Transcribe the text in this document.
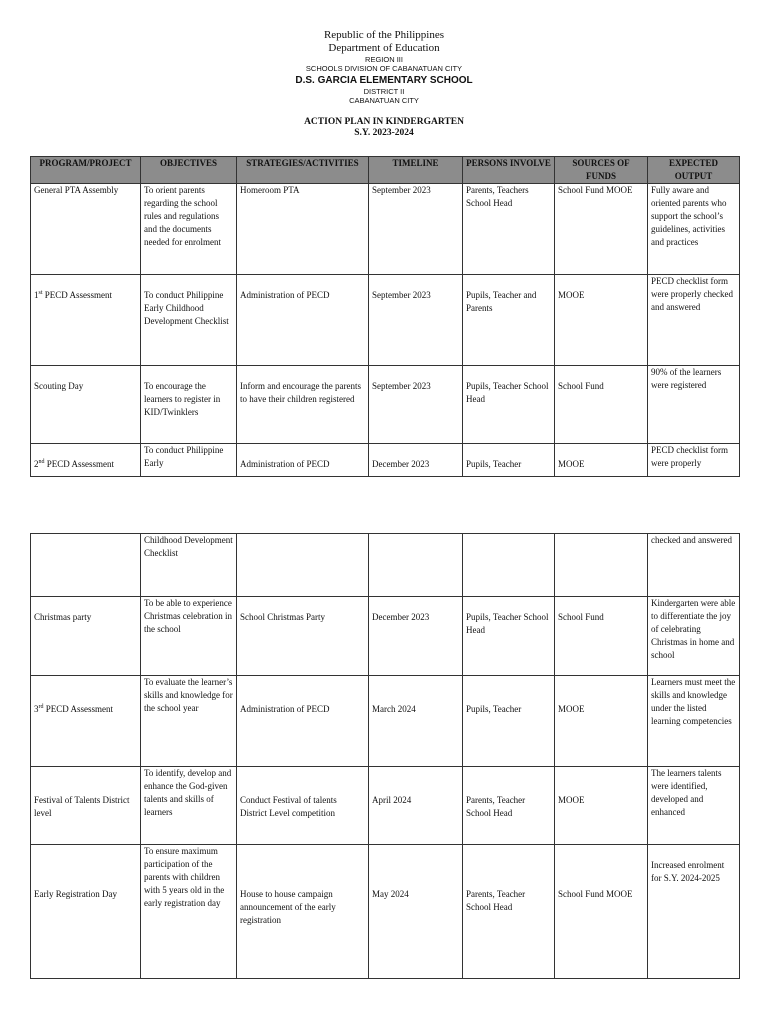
Republic of the Philippines
Department of Education
REGION III
SCHOOLS DIVISION OF CABANATUAN CITY
D.S. GARCIA ELEMENTARY SCHOOL
DISTRICT II
CABANATUAN CITY
ACTION PLAN IN KINDERGARTEN
S.Y. 2023-2024
PROGRAM/PROJECT	OBJECTIVES	STRATEGIES/ACTIVITIES	TIMELINE	PERSONS INVOLVE	SOURCES OF FUNDS	EXPECTED OUTPUT
General PTA Assembly	To orient parents regarding the school rules and regulations and the documents needed for enrolment	Homeroom PTA	September 2023	Parents, Teachers School Head	School Fund MOOE	Fully aware and oriented parents who support the school’s guidelines, activities and practices

1st PECD Assessment	To conduct Philippine Early Childhood Development Checklist	Administration of PECD	September 2023	Pupils, Teacher and Parents	MOOE	PECD checklist form were properly checked and answered

Scouting Day	To encourage the learners to register in KID/Twinklers	Inform and encourage the parents to have their children registered	September 2023	Pupils, Teacher School Head	School Fund	90% of the learners were registered

2nd PECD Assessment	To conduct Philippine Early	Administration of PECD	December 2023	Pupils, Teacher	MOOE	PECD checklist form were properly
	Childhood Development Checklist					checked and answered

Christmas party	To be able to experience Christmas celebration in the school	School Christmas Party	December 2023	Pupils, Teacher School Head	School Fund	Kindergarten were able to differentiate the joy of celebrating Christmas in home and school

3rd PECD Assessment	To evaluate the learner’s skills and knowledge for the school year	Administration of PECD	March 2024	Pupils, Teacher	MOOE	Learners must meet the skills and knowledge under the listed learning competencies

Festival of Talents District level	To identify, develop and enhance the God-given talents and skills of learners	Conduct Festival of talents District Level competition	April 2024	Parents, Teacher School Head	MOOE	The learners talents were identified, developed and enhanced

Early Registration Day	To ensure maximum participation of the parents with children with 5 years old in the early registration day	House to house campaign announcement of the early registration	May 2024	Parents, Teacher School Head	School Fund MOOE	Increased enrolment for S.Y. 2024-2025
